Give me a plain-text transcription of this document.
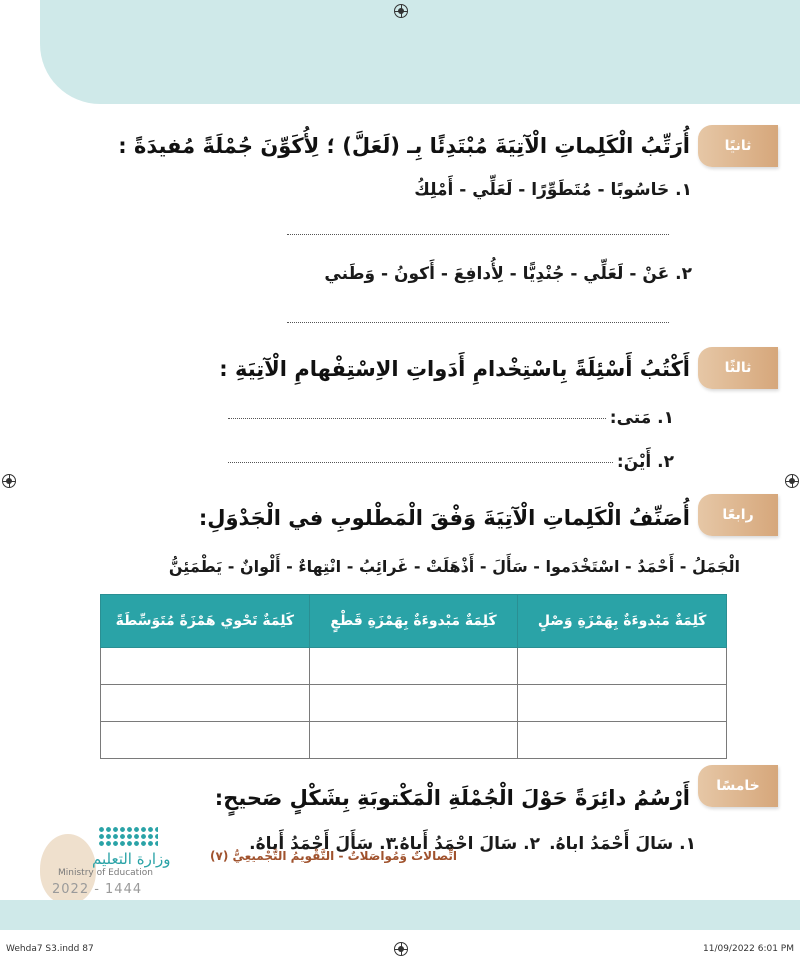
ثانيًا
أُرَتِّبُ الْكَلِماتِ الْآتِيَةَ مُبْتَدِئًا بِـ (لَعَلَّ) ؛ لِأُكَوِّنَ جُمْلَةً مُفيدَةً :
١. حَاسُوبًا - مُتَطَوِّرًا - لَعَلِّي - أَمْلِكُ
٢. عَنْ - لَعَلِّي - جُنْدِيًّا - لِأُدافِعَ - أَكونُ - وَطَني
ثالثًا
أَكْتُبُ أَسْئِلَةً بِاسْتِخْدامِ أَدَواتِ الاِسْتِفْهامِ الْآتِيَةِ :
١. مَتى:
٢. أَيْنَ:
رابعًا
أُصَنِّفُ الْكَلِماتِ الْآتِيَةَ وَفْقَ الْمَطْلوبِ في الْجَدْوَلِ:
الْجَمَلُ - أَحْمَدُ - اسْتَخْدَموا - سَأَلَ - أَذْهَلَتْ - غَرائِبُ - انْتِهاءٌ - أَلْوانٌ - يَطْمَئِنُّ
كَلِمَةٌ مَبْدوءَةٌ بِهَمْزَةِ وَصْلٍ	كَلِمَةٌ مَبْدوءَةٌ بِهَمْزَةِ قَطْعٍ	كَلِمَةٌ تَحْوي هَمْزَةً مُتَوَسِّطَةً

خامسًا
أَرْسُمُ دائِرَةً حَوْلَ الْجُمْلَةِ الْمَكْتوبَةِ بِشَكْلٍ صَحيحٍ:
١. سَالَ أَحْمَدُ اباهُ.
٢. سَالَ احْمَدُ أَباهُ.
٣. سَأَلَ أَحْمَدُ أَباهُ.
اتِّصالاتٌ وَمُواصَلاتٌ - التَّقْويمُ التَّجْميعِيُّ (٧)
وزارة التعليم
Ministry of Education
2022 - 1444
Wehda7 S3.indd 87	11/09/2022 6:01 PM
